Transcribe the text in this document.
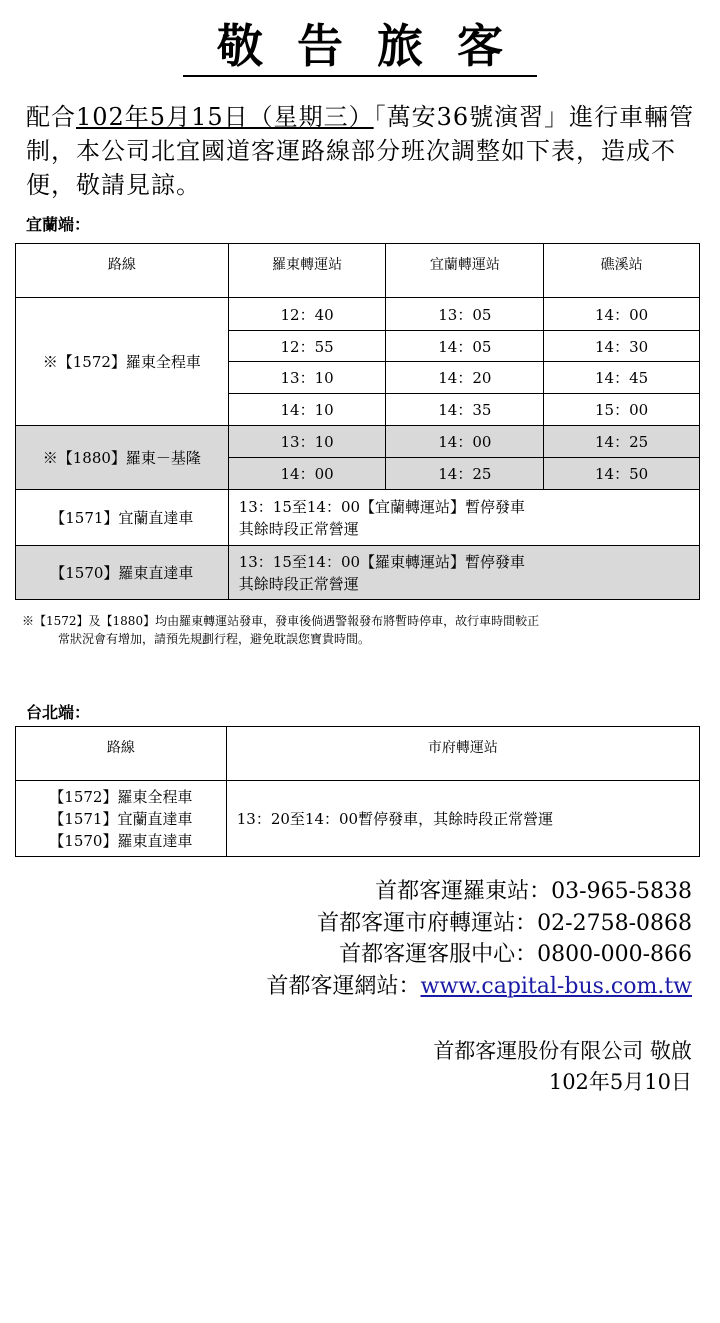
敬告旅客
配合102年5月15日（星期三）「萬安36號演習」進行車輛管制，本公司北宜國道客運路線部分班次調整如下表，造成不便，敬請見諒。
宜蘭端：
路線	羅東轉運站	宜蘭轉運站	礁溪站
※【1572】羅東全程車	12：40	13：05	14：00
	12：55	14：05	14：30
	13：10	14：20	14：45
	14：10	14：35	15：00
※【1880】羅東－基隆	13：10	14：00	14：25
	14：00	14：25	14：50
【1571】宜蘭直達車	13：15至14：00【宜蘭轉運站】暫停發車
其餘時段正常營運		

【1570】羅東直達車	13：15至14：00【羅東轉運站】暫停發車
其餘時段正常營運		
※【1572】及【1880】均由羅東轉運站發車，發車後倘遇警報發布將暫時停車，故行車時間較正
常狀況會有增加，請預先規劃行程，避免耽誤您寶貴時間。
台北端：
路線	市府轉運站

【1572】羅東全程車
【1571】宜蘭直達車
【1570】羅東直達車	13：20至14：00暫停發車，其餘時段正常營運
首都客運羅東站：03-965-5838
首都客運市府轉運站：02-2758-0868
首都客運客服中心：0800-000-866
首都客運網站：www.capital-bus.com.tw
首都客運股份有限公司 敬啟
102年5月10日
